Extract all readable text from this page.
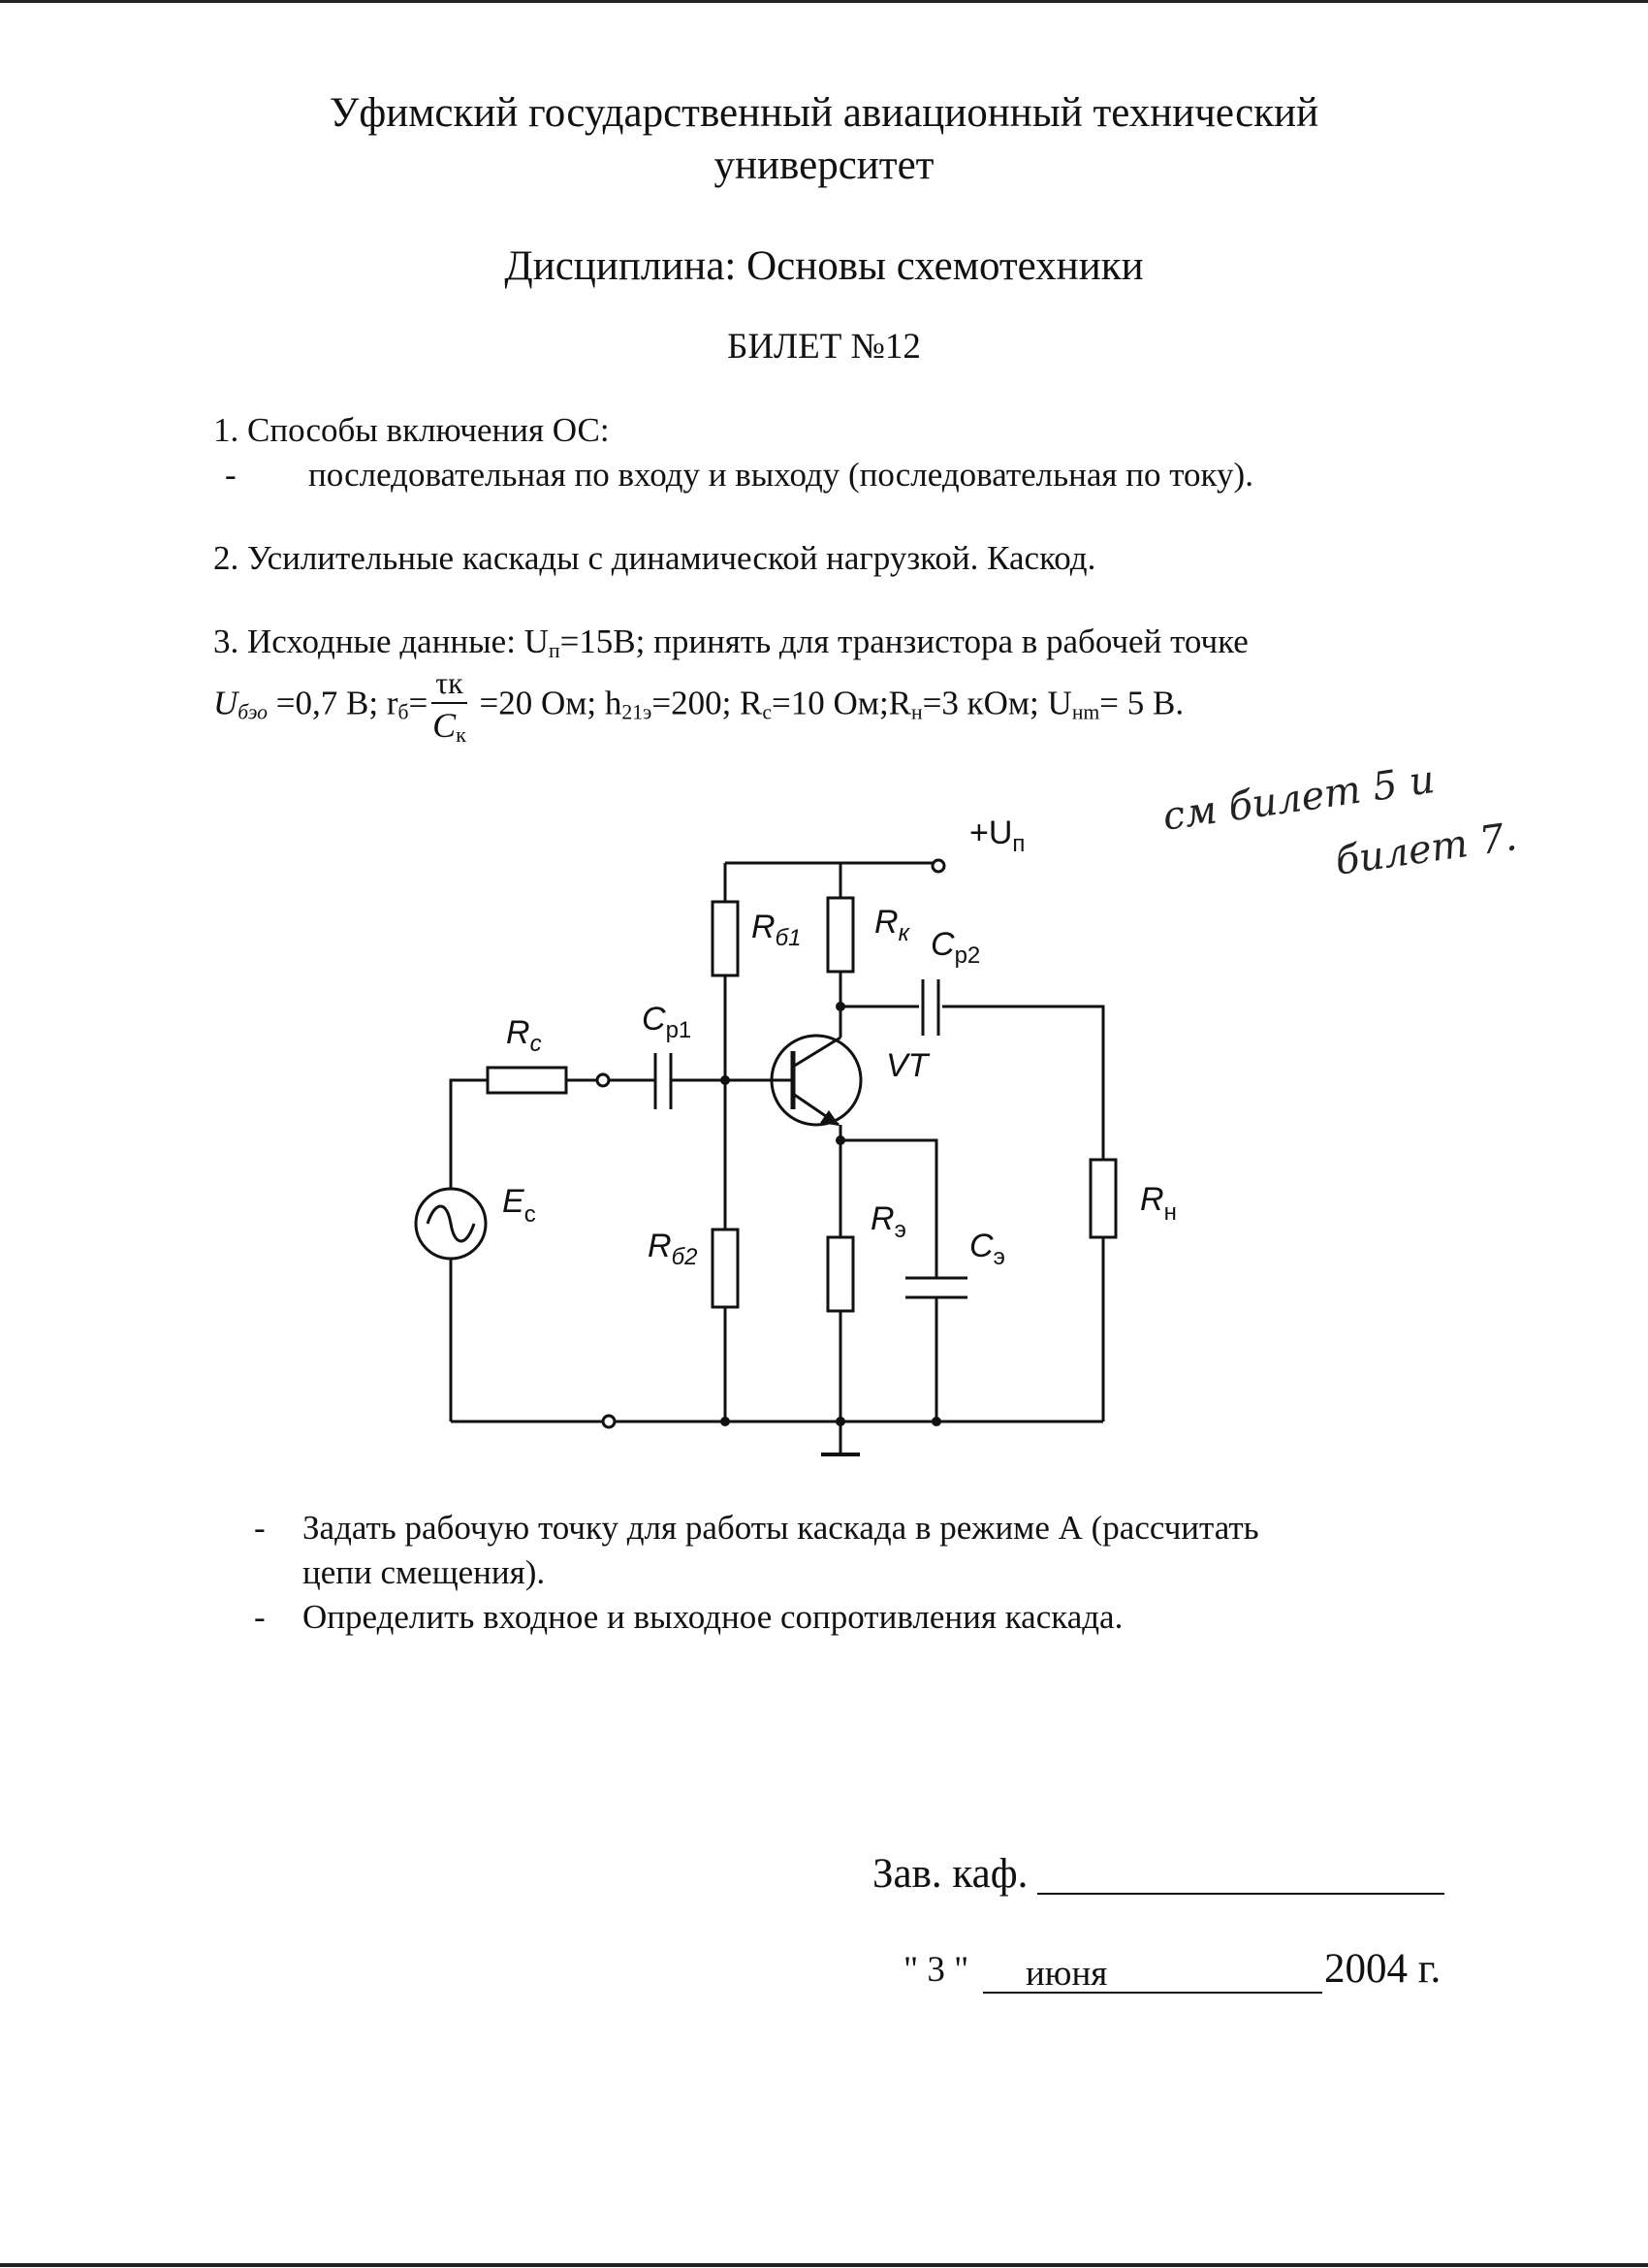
Уфимский государственный авиационный технический
университет
Дисциплина: Основы схемотехники
БИЛЕТ №12
1. Способы включения ОС:
- последовательная по входу и выходу (последовательная по току).
2. Усилительные каскады с динамической нагрузкой. Каскод.
3. Исходные данные: $U_п=15В$; принять для транзистора в рабочей точке
$U_{бэо} =0,7$ В; $r_б= \frac{\tau к}{С_к} =20$ Ом; $h_{21э}=200$; $R_с=10$ $Ом;R_н=3$ кОм; $U_{нm}= 5$ В.
см билет 5 и
билет 7.
$+U_п$
$R_{б1}$ $R_к$ $C_{р2}$
$R_с$
$C_{р1}$
VT
$E_с$
$R_{б2}$
$R_э$ $C_э$
$R_н$
- Задать рабочую точку для работы каскада в режиме А (рассчитать
цепи смещения).
- Определить входное и выходное сопротивления каскада.
Зав. каф.
" 3 " июня	2004 г.
